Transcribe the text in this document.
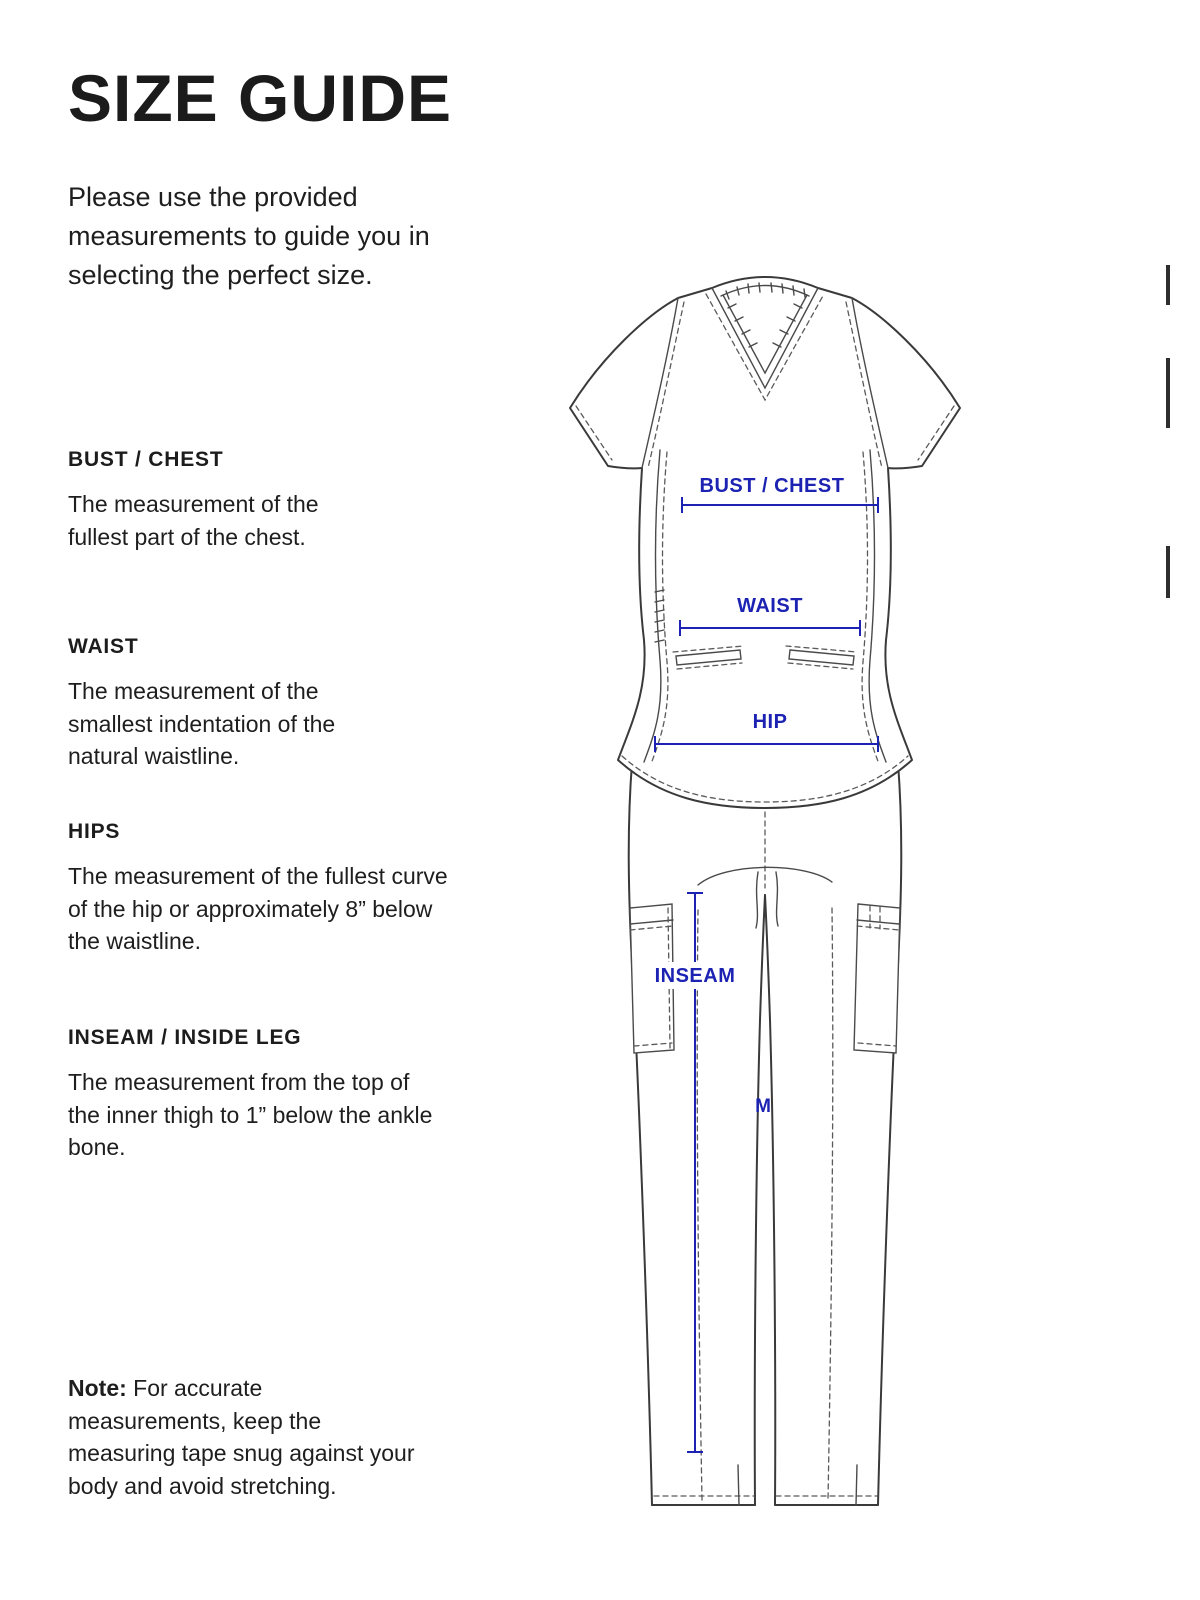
SIZE GUIDE

Please use the provided measurements to guide you in selecting the perfect size.

BUST / CHEST

The measurement of the fullest part of the chest.

WAIST

The measurement of the smallest indentation of the natural waistline.

HIPS

The measurement of the fullest curve of the hip or approximately 8” below the waistline.

INSEAM / INSIDE LEG

The measurement from the top of the inner thigh to 1” below the ankle bone.

Note: For accurate measurements, keep the measuring tape snug against your body and avoid stretching.

BUST / CHEST
WAIST
HIP
INSEAM
M
